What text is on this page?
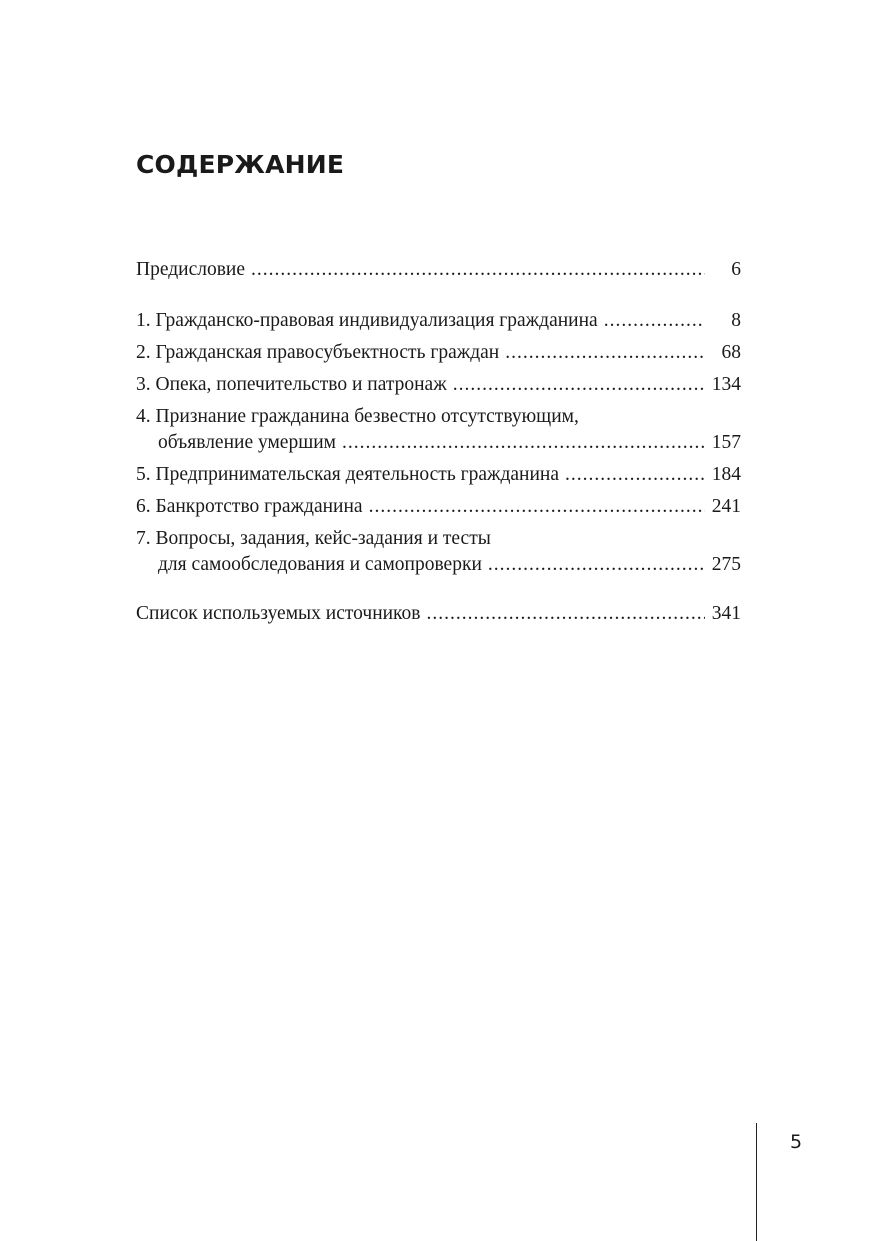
СОДЕРЖАНИЕ
Предисловие .....	6
1. Гражданско-правовая индивидуализация гражданина .....	8
2. Гражданская правосубъектность граждан .....	68
3. Опека, попечительство и патронаж .....	134
4. Признание гражданина безвестно отсутствующим,
объявление умершим .....	157
5. Предпринимательская деятельность гражданина .....	184
6. Банкротство гражданина .....	241
7. Вопросы, задания, кейс-задания и тесты
для самообследования и самопроверки .....	275
Список используемых источников .....	341
5
